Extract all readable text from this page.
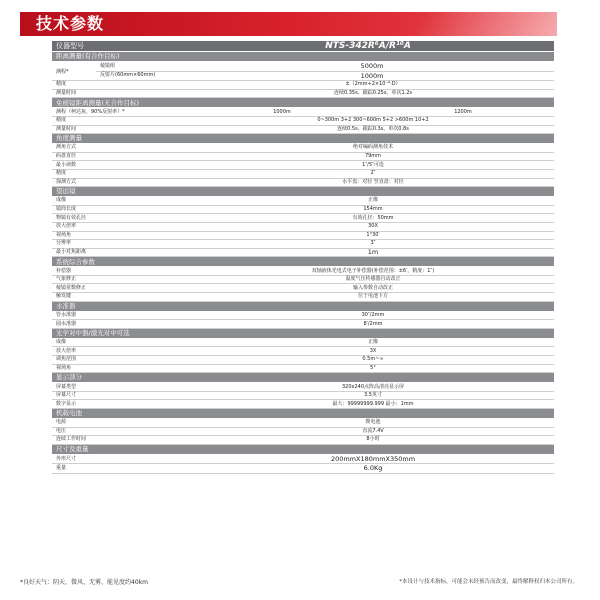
技术参数
仪器型号	NTS-342R⁶A/R¹⁰A
距离测量(有合作目标)
测程*
棱镜组	5000m
反射片(60mm×60mm)	1000m
精度	±（2mm+2×10⁻⁶·D）
测量时间	连续0.35s、跟踪0.25s、单次1.2s
免棱镜距离测量(无合作目标)
测程（柯达灰，90%反射率）*	1000m	1200m
精度	0~300m 3+2 300~600m 5+2 >600m 10+2
测量时间	连续0.5s、跟踪0.3s、单次0.8s
角度测量
测角方式	绝对编码测角技术
码盘直径	79mm
最小读数	1″/5″可选
精度	2″
探测方式	水平盘：对径 竖直盘：对径
望远镜
成像	正像
镜筒长度	154mm
物镜有效孔径	有效孔径：50mm
放大倍率	30X
视场角	1°30′
分辨率	3″
最小对焦距离	1m
系统综合参数
补偿器	双轴液体光电式电子补偿器(补偿范围：±6′，精度：1″)
气象修正	温度气压传感器自动改正
棱镜常数修正	输入参数自动改正
触发键	位于电池下方
水准器
管水准器	30″/2mm
圆水准器	8′/2mm
光学对中器/激光对中可选
成像	正像
放大倍率	3X
调焦范围	0.5m~∞
视场角	5°
显示部分
屏幕类型	320x240点阵高清亮显示屏
屏幕尺寸	3.5英寸
数字显示	最大：99999999.999 最小：1mm
机载电池
电源	锂电池
电压	直流7.4V
连续工作时间	8小时
尺寸及重量
外形尺寸	200mmX180mmX350mm
重量	6.0Kg
*良好天气：阴天、微风、无雾、能见度约40km	*本设计与技术指标，可能会未经预告而改变，最终解释权归本公司所有。
